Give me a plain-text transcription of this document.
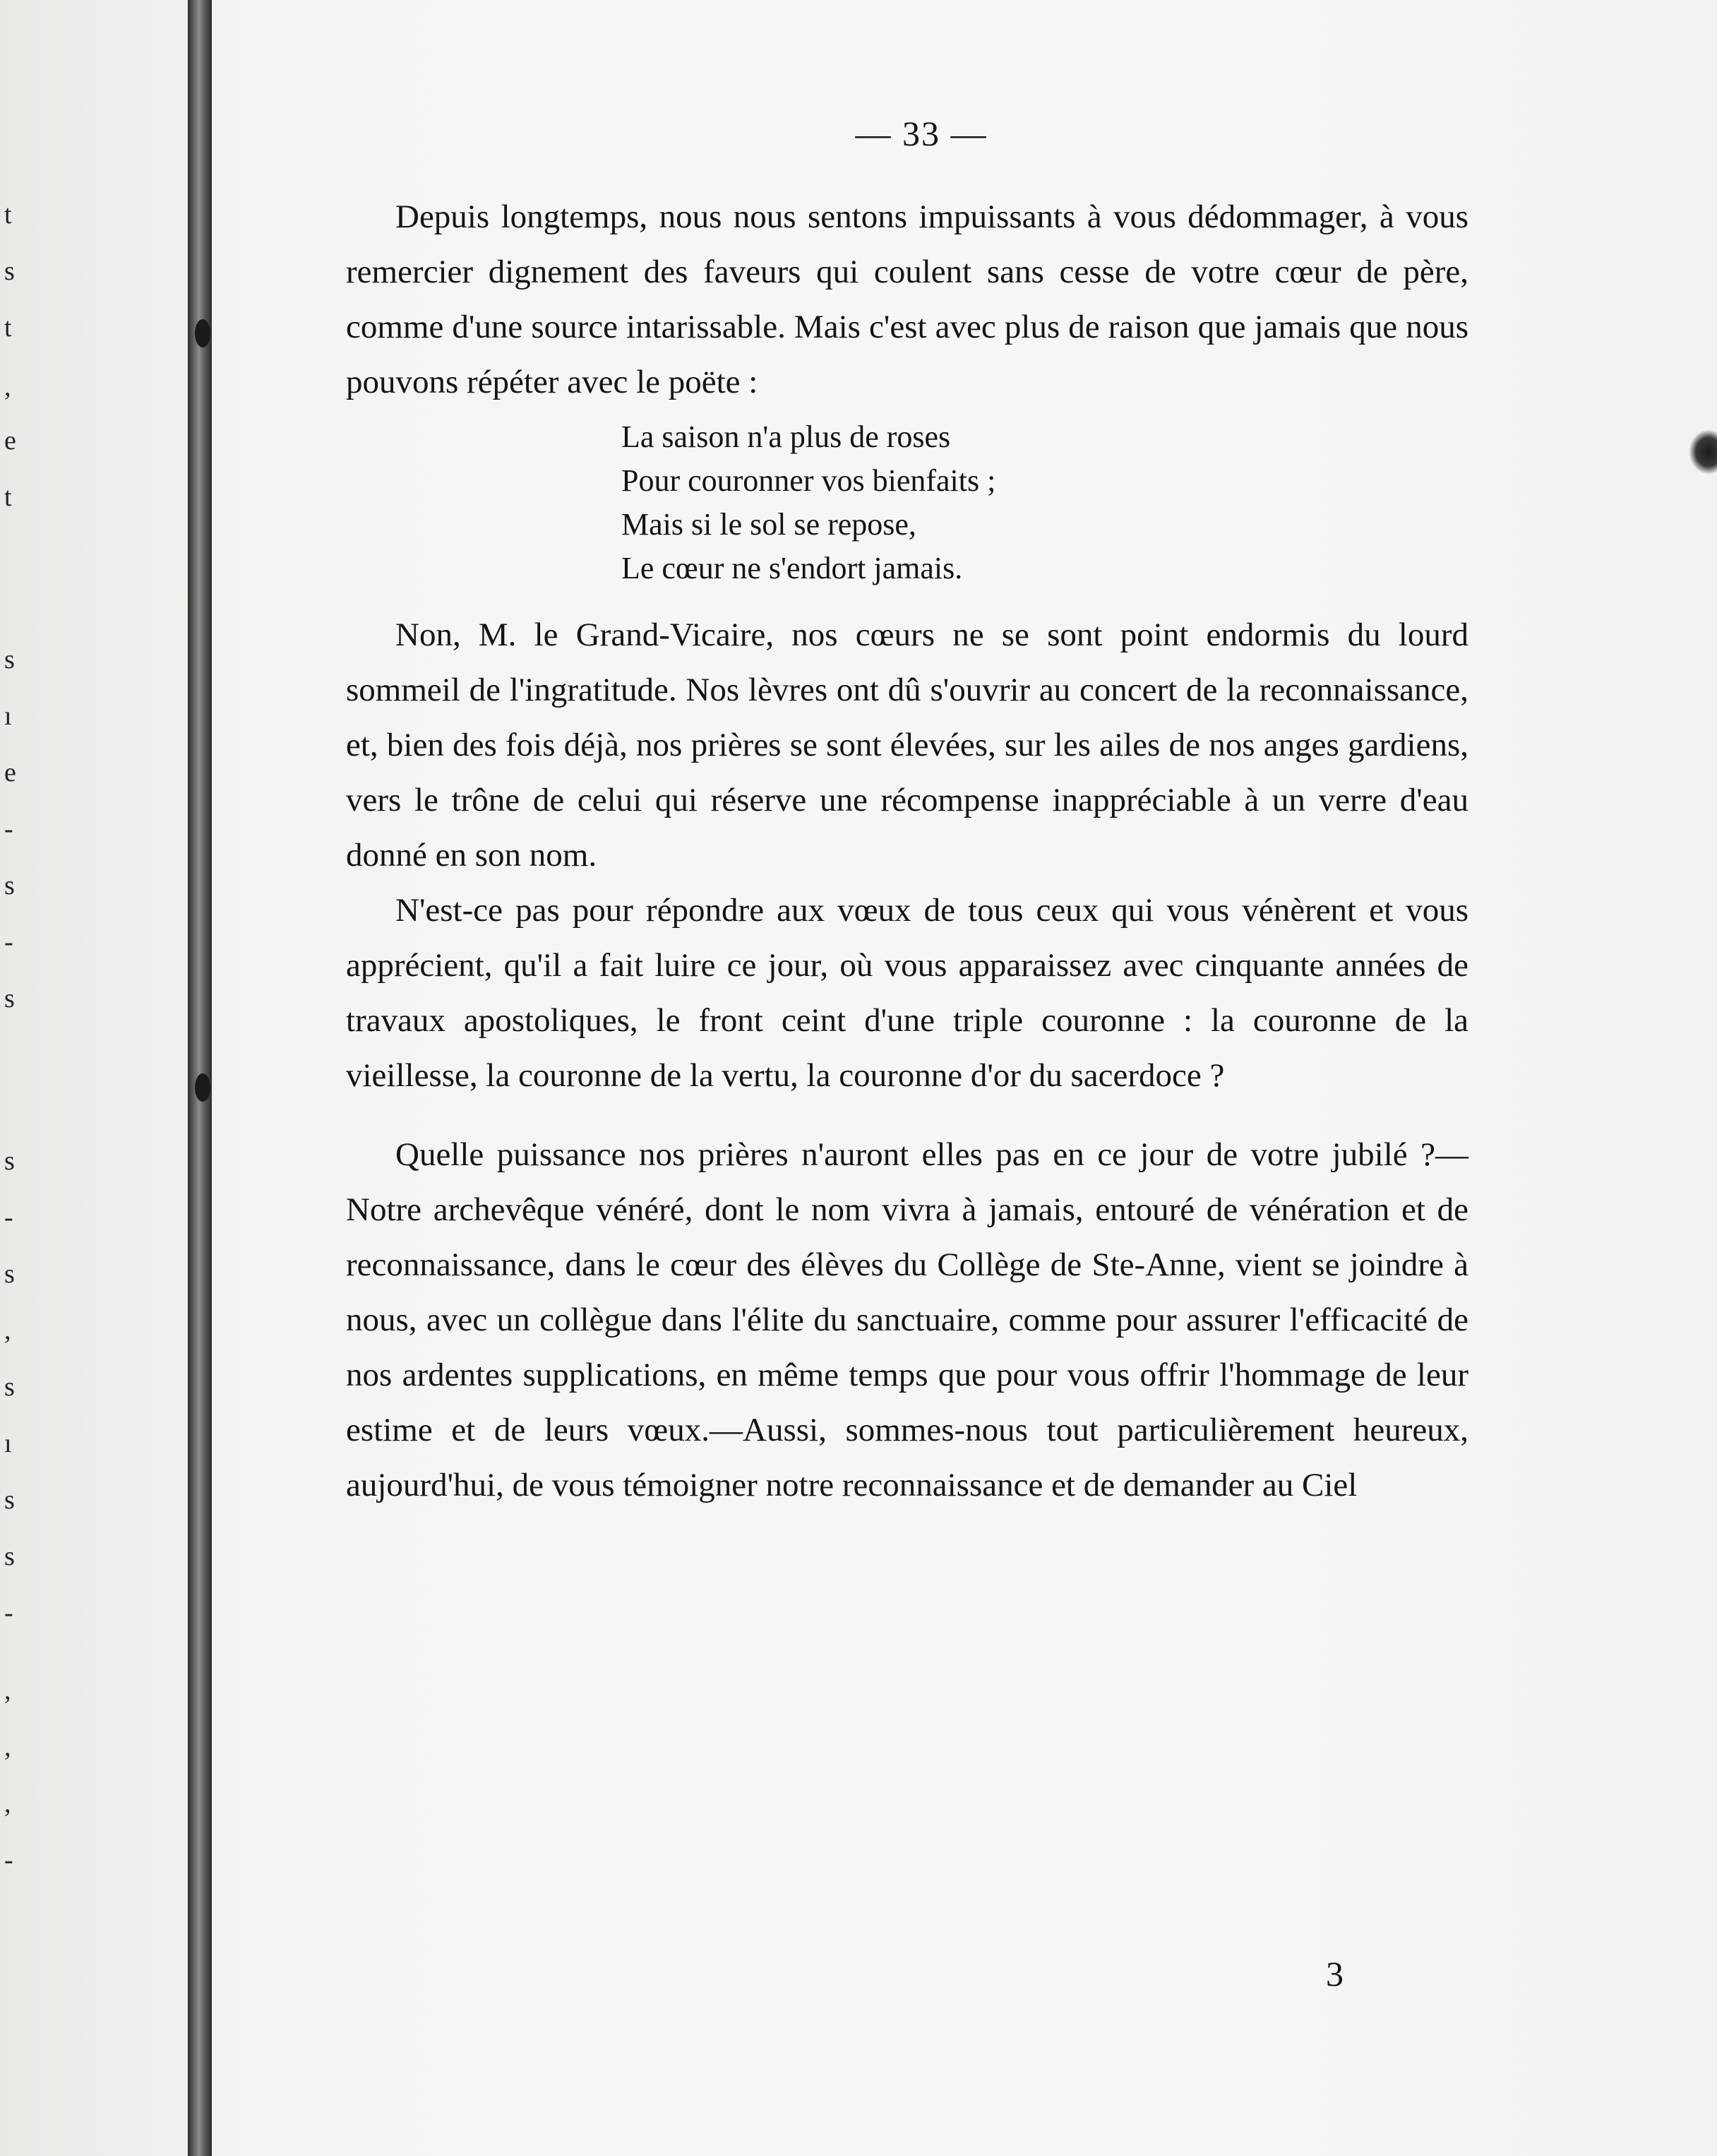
t
s
t
,
e
t
s
ı
e
-
s
-
s
s
-
s
,
s
ı
s
s
-
,
,
,
-
— 33 —

Depuis longtemps, nous nous sentons impuissants à vous dédommager, à vous remercier dignement des faveurs qui coulent sans cesse de votre cœur de père, comme d'une source intarissable. Mais c'est avec plus de raison que jamais que nous pouvons répéter avec le poëte :

La saison n'a plus de roses
Pour couronner vos bienfaits ;
Mais si le sol se repose,
Le cœur ne s'endort jamais.

Non, M. le Grand-Vicaire, nos cœurs ne se sont point endormis du lourd sommeil de l'ingratitude. Nos lèvres ont dû s'ouvrir au concert de la reconnaissance, et, bien des fois déjà, nos prières se sont élevées, sur les ailes de nos anges gardiens, vers le trône de celui qui réserve une récompense inappréciable à un verre d'eau donné en son nom.

N'est-ce pas pour répondre aux vœux de tous ceux qui vous vénèrent et vous apprécient, qu'il a fait luire ce jour, où vous apparaissez avec cinquante années de travaux apostoliques, le front ceint d'une triple couronne : la couronne de la vieillesse, la couronne de la vertu, la couronne d'or du sacerdoce ?

Quelle puissance nos prières n'auront elles pas en ce jour de votre jubilé ?—Notre archevêque vénéré, dont le nom vivra à jamais, entouré de vénération et de reconnaissance, dans le cœur des élèves du Collège de Ste-Anne, vient se joindre à nous, avec un collègue dans l'élite du sanctuaire, comme pour assurer l'efficacité de nos ardentes supplications, en même temps que pour vous offrir l'hommage de leur estime et de leurs vœux.—Aussi, sommes-nous tout particulièrement heureux, aujourd'hui, de vous témoigner notre reconnaissance et de demander au Ciel

3
